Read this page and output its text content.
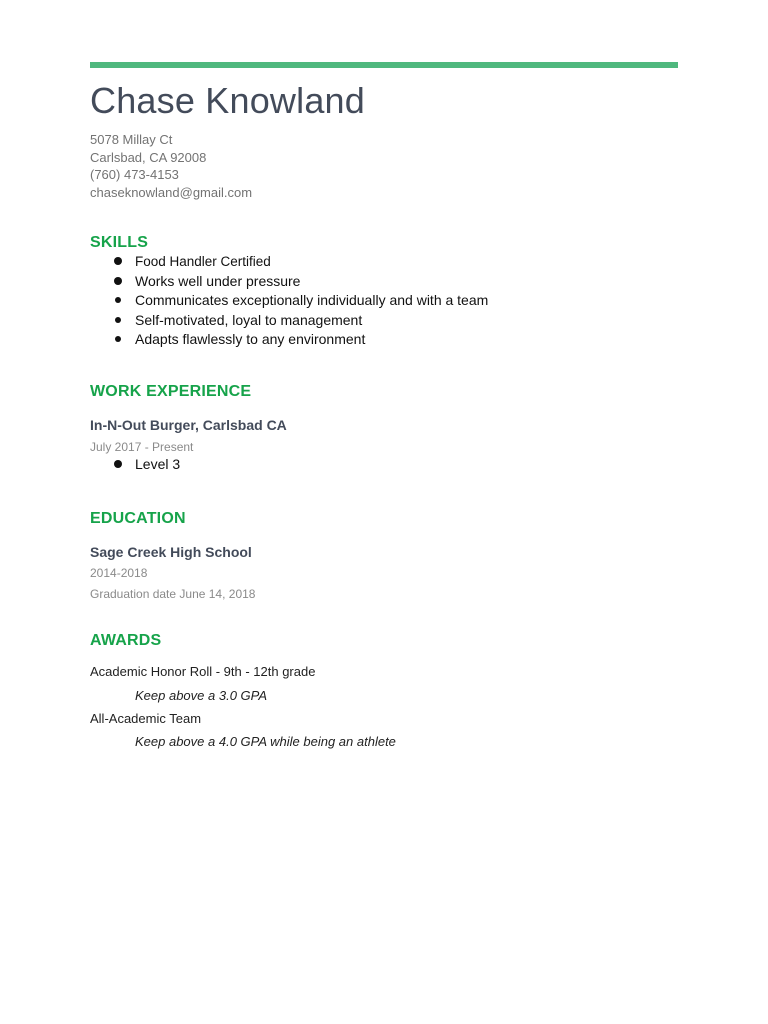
Chase Knowland
5078 Millay Ct
Carlsbad, CA 92008
(760) 473-4153
chaseknowland@gmail.com
SKILLS
Food Handler Certified
Works well under pressure
Communicates exceptionally individually and with a team
Self-motivated, loyal to management
Adapts flawlessly to any environment
WORK EXPERIENCE
In-N-Out Burger, Carlsbad CA
July 2017 - Present
Level 3
EDUCATION
Sage Creek High School
2014-2018
Graduation date June 14, 2018
AWARDS
Academic Honor Roll - 9th - 12th grade
Keep above a 3.0 GPA
All-Academic Team
Keep above a 4.0 GPA while being an athlete
